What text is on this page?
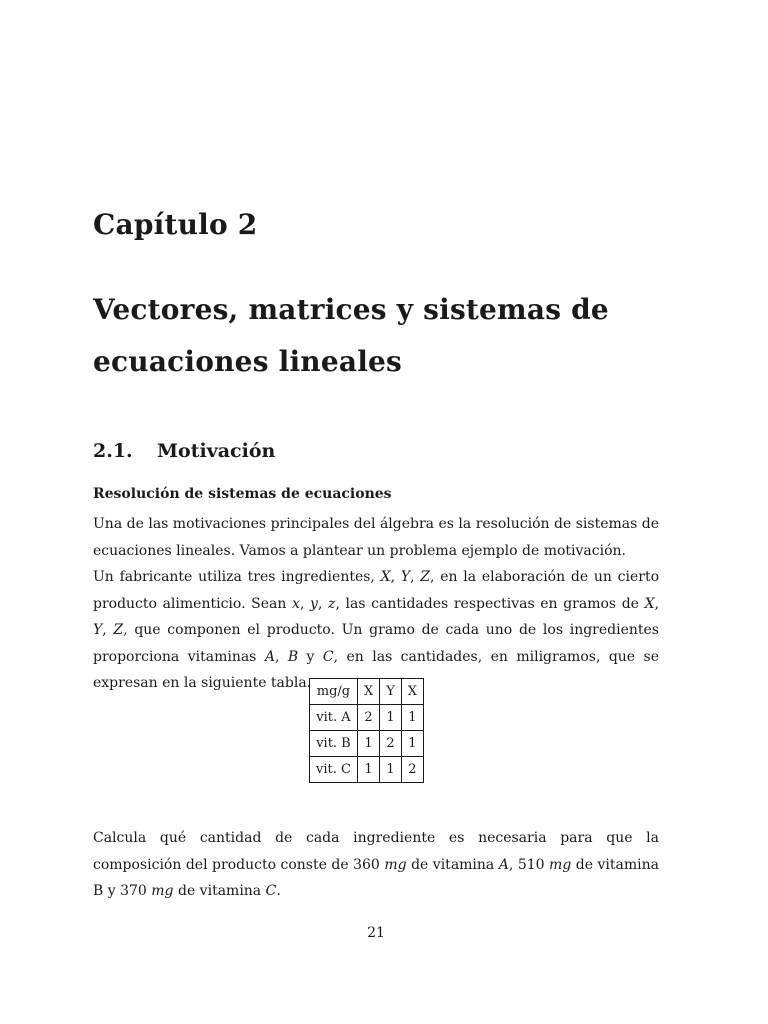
Capítulo 2
Vectores, matrices y sistemas de ecuaciones lineales
2.1. Motivación
Resolución de sistemas de ecuaciones
Una de las motivaciones principales del álgebra es la resolución de sistemas de ecuaciones lineales. Vamos a plantear un problema ejemplo de motivación.
Un fabricante utiliza tres ingredientes, X, Y, Z, en la elaboración de un cierto producto alimenticio. Sean x, y, z, las cantidades respectivas en gramos de X, Y, Z, que componen el producto. Un gramo de cada uno de los ingredientes proporciona vitaminas A, B y C, en las cantidades, en miligramos, que se expresan en la siguiente tabla.
mg/g	X	Y	X
vit. A	2	1	1
vit. B	1	2	1
vit. C	1	1	2
Calcula qué cantidad de cada ingrediente es necesaria para que la composición del producto conste de 360 mg de vitamina A, 510 mg de vitamina B y 370 mg de vitamina C.
21
